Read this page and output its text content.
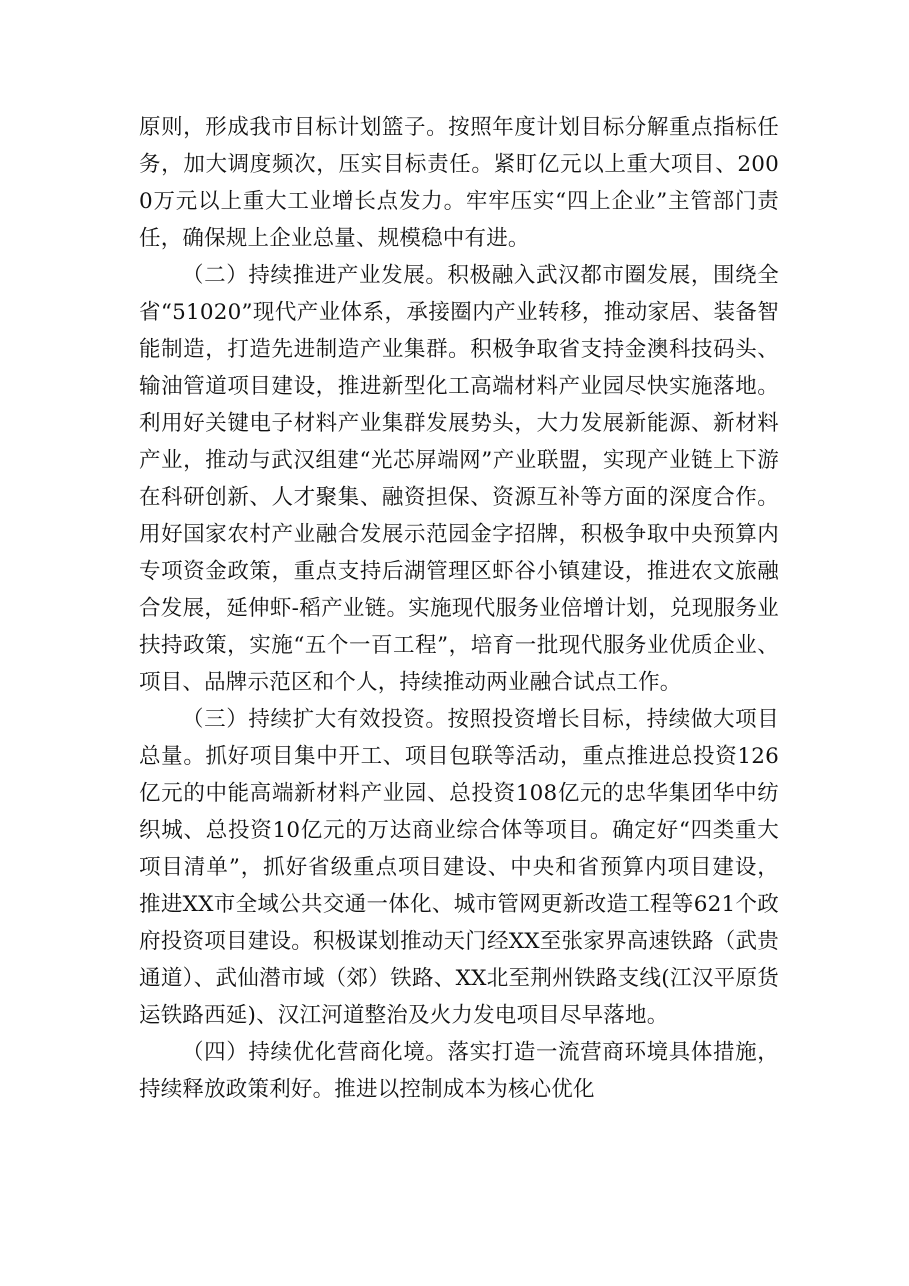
原则，形成我市目标计划篮子。按照年度计划目标分解重点指标任务，加大调度频次，压实目标责任。紧盯亿元以上重大项目、2000万元以上重大工业增长点发力。牢牢压实“四上企业”主管部门责任，确保规上企业总量、规模稳中有进。

（二）持续推进产业发展。积极融入武汉都市圈发展，围绕全省“51020”现代产业体系，承接圈内产业转移，推动家居、装备智能制造，打造先进制造产业集群。积极争取省支持金澳科技码头、输油管道项目建设，推进新型化工高端材料产业园尽快实施落地。利用好关键电子材料产业集群发展势头，大力发展新能源、新材料产业，推动与武汉组建“光芯屏端网”产业联盟，实现产业链上下游在科研创新、人才聚集、融资担保、资源互补等方面的深度合作。用好国家农村产业融合发展示范园金字招牌，积极争取中央预算内专项资金政策，重点支持后湖管理区虾谷小镇建设，推进农文旅融合发展，延伸虾-稻产业链。实施现代服务业倍增计划，兑现服务业扶持政策，实施“五个一百工程”，培育一批现代服务业优质企业、项目、品牌示范区和个人，持续推动两业融合试点工作。

（三）持续扩大有效投资。按照投资增长目标，持续做大项目总量。抓好项目集中开工、项目包联等活动，重点推进总投资126亿元的中能高端新材料产业园、总投资108亿元的忠华集团华中纺织城、总投资10亿元的万达商业综合体等项目。确定好“四类重大项目清单”，抓好省级重点项目建设、中央和省预算内项目建设，推进XX市全域公共交通一体化、城市管网更新改造工程等621个政府投资项目建设。积极谋划推动天门经XX至张家界高速铁路（武贵通道）、武仙潜市域（郊）铁路、XX北至荆州铁路支线(江汉平原货运铁路西延)、汉江河道整治及火力发电项目尽早落地。

（四）持续优化营商化境。落实打造一流营商环境具体措施，持续释放政策利好。推进以控制成本为核心优化
